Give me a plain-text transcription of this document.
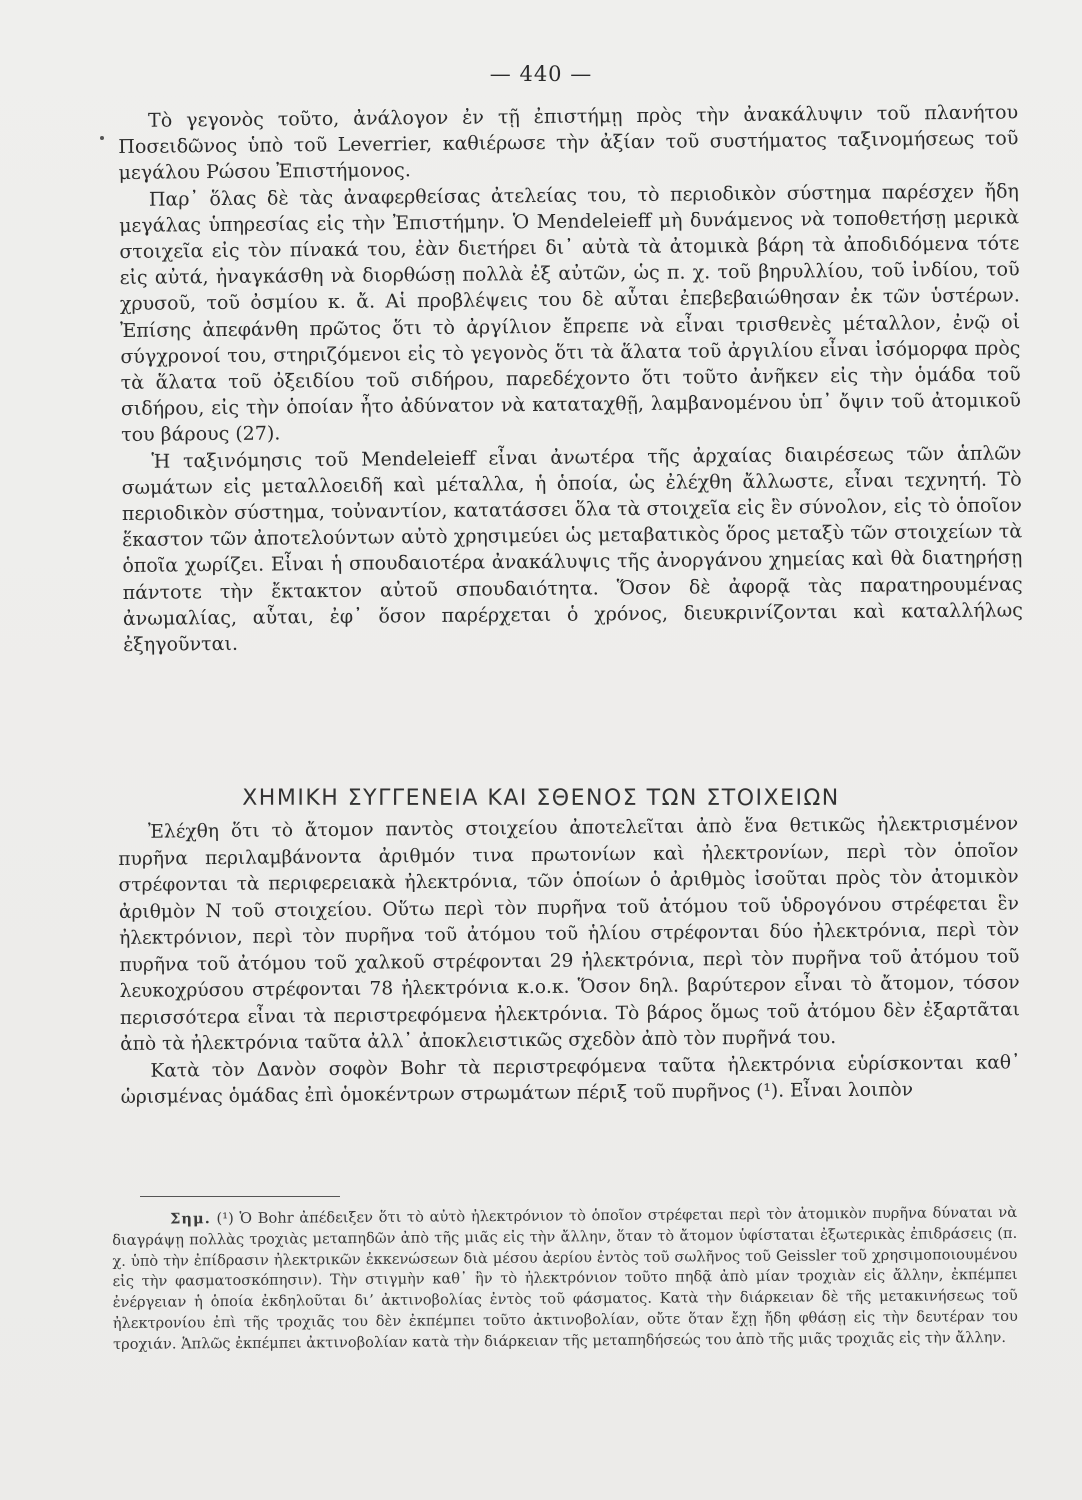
— 440 —

Τὸ γεγονὸς τοῦτο, ἀνάλογον ἐν τῇ ἐπιστήμῃ πρὸς τὴν ἀνακάλυψιν τοῦ πλανήτου Ποσειδῶνος ὑπὸ τοῦ Leverrier, καθιέρωσε τὴν ἀξίαν τοῦ συστήματος ταξινομήσεως τοῦ μεγάλου Ρώσου Ἐπιστήμονος.

Παρ᾽ ὅλας δὲ τὰς ἀναφερθείσας ἀτελείας του, τὸ περιοδικὸν σύστημα παρέσχεν ἤδη μεγάλας ὑπηρεσίας εἰς τὴν Ἐπιστήμην. Ὁ Mendeleieff μὴ δυνάμενος νὰ τοποθετήσῃ μερικὰ στοιχεῖα εἰς τὸν πίνακά του, ἐὰν διετήρει δι᾽ αὐτὰ τὰ ἀτομικὰ βάρη τὰ ἀποδιδόμενα τότε εἰς αὐτά, ἠναγκάσθη νὰ διορθώσῃ πολλὰ ἐξ αὐτῶν, ὡς π. χ. τοῦ βηρυλλίου, τοῦ ἰνδίου, τοῦ χρυσοῦ, τοῦ ὀσμίου κ. ἄ. Αἱ προβλέψεις του δὲ αὗται ἐπεβεβαιώθησαν ἐκ τῶν ὑστέρων. Ἐπίσης ἀπεφάνθη πρῶτος ὅτι τὸ ἀργίλιον ἔπρεπε νὰ εἶναι τρισθενὲς μέταλλον, ἐνῷ οἱ σύγχρονοί του, στηριζόμενοι εἰς τὸ γεγονὸς ὅτι τὰ ἅλατα τοῦ ἀργιλίου εἶναι ἰσόμορφα πρὸς τὰ ἅλατα τοῦ ὀξειδίου τοῦ σιδήρου, παρεδέχοντο ὅτι τοῦτο ἀνῆκεν εἰς τὴν ὁμάδα τοῦ σιδήρου, εἰς τὴν ὁποίαν ἦτο ἀδύνατον νὰ καταταχθῇ, λαμβανομένου ὑπ᾽ ὄψιν τοῦ ἀτομικοῦ του βάρους (27).

Ἡ ταξινόμησις τοῦ Mendeleieff εἶναι ἀνωτέρα τῆς ἀρχαίας διαιρέσεως τῶν ἁπλῶν σωμάτων εἰς μεταλλοειδῆ καὶ μέταλλα, ἡ ὁποία, ὡς ἐλέχθη ἄλλωστε, εἶναι τεχνητή. Τὸ περιοδικὸν σύστημα, τοὐναντίον, κατατάσσει ὅλα τὰ στοιχεῖα εἰς ἓν σύνολον, εἰς τὸ ὁποῖον ἕκαστον τῶν ἀποτελούντων αὐτὸ χρησιμεύει ὡς μεταβατικὸς ὅρος μεταξὺ τῶν στοιχείων τὰ ὁποῖα χωρίζει. Εἶναι ἡ σπουδαιοτέρα ἀνακάλυψις τῆς ἀνοργάνου χημείας καὶ θὰ διατηρήσῃ πάντοτε τὴν ἔκτακτον αὐτοῦ σπουδαιότητα. Ὅσον δὲ ἀφορᾷ τὰς παρατηρουμένας ἀνωμαλίας, αὗται, ἐφ᾽ ὅσον παρέρχεται ὁ χρόνος, διευκρινίζονται καὶ καταλλήλως ἐξηγοῦνται.

ΧΗΜΙΚΗ ΣΥΓΓΕΝΕΙΑ ΚΑΙ ΣΘΕΝΟΣ ΤΩΝ ΣΤΟΙΧΕΙΩΝ

Ἐλέχθη ὅτι τὸ ἄτομον παντὸς στοιχείου ἀποτελεῖται ἀπὸ ἕνα θετικῶς ἠλεκτρισμένον πυρῆνα περιλαμβάνοντα ἀριθμόν τινα πρωτονίων καὶ ἠλεκτρονίων, περὶ τὸν ὁποῖον στρέφονται τὰ περιφερειακὰ ἠλεκτρόνια, τῶν ὁποίων ὁ ἀριθμὸς ἰσοῦται πρὸς τὸν ἀτομικὸν ἀριθμὸν N τοῦ στοιχείου. Οὕτω περὶ τὸν πυρῆνα τοῦ ἀτόμου τοῦ ὑδρογόνου στρέφεται ἓν ἠλεκτρόνιον, περὶ τὸν πυρῆνα τοῦ ἀτόμου τοῦ ἡλίου στρέφονται δύο ἠλεκτρόνια, περὶ τὸν πυρῆνα τοῦ ἀτόμου τοῦ χαλκοῦ στρέφονται 29 ἠλεκτρόνια, περὶ τὸν πυρῆνα τοῦ ἀτόμου τοῦ λευκοχρύσου στρέφονται 78 ἠλεκτρόνια κ.ο.κ. Ὅσον δηλ. βαρύτερον εἶναι τὸ ἄτομον, τόσον περισσότερα εἶναι τὰ περιστρεφόμενα ἠλεκτρόνια. Τὸ βάρος ὅμως τοῦ ἀτόμου δὲν ἐξαρτᾶται ἀπὸ τὰ ἠλεκτρόνια ταῦτα ἀλλ᾽ ἀποκλειστικῶς σχεδὸν ἀπὸ τὸν πυρῆνά του.

Κατὰ τὸν Δανὸν σοφὸν Bohr τὰ περιστρεφόμενα ταῦτα ἠλεκτρόνια εὑρίσκονται καθ᾽ ὡρισμένας ὁμάδας ἐπὶ ὁμοκέντρων στρωμάτων πέριξ τοῦ πυρῆνος (¹). Εἶναι λοιπὸν

Σημ. (¹) Ὁ Bohr ἀπέδειξεν ὅτι τὸ αὐτὸ ἠλεκτρόνιον τὸ ὁποῖον στρέφεται περὶ τὸν ἀτομικὸν πυρῆνα δύναται νὰ διαγράψῃ πολλὰς τροχιὰς μεταπηδῶν ἀπὸ τῆς μιᾶς εἰς τὴν ἄλλην, ὅταν τὸ ἄτομον ὑφίσταται ἐξωτερικὰς ἐπιδράσεις (π. χ. ὑπὸ τὴν ἐπίδρασιν ἠλεκτρικῶν ἐκκενώσεων διὰ μέσου ἀερίου ἐντὸς τοῦ σωλῆνος τοῦ Geissler τοῦ χρησιμοποιουμένου εἰς τὴν φασματοσκόπησιν). Τὴν στιγμὴν καθ᾽ ἣν τὸ ἠλεκτρόνιον τοῦτο πηδᾷ ἀπὸ μίαν τροχιὰν εἰς ἄλλην, ἐκπέμπει ἐνέργειαν ἡ ὁποία ἐκδηλοῦται διʼ ἀκτινοβολίας ἐντὸς τοῦ φάσματος. Κατὰ τὴν διάρκειαν δὲ τῆς μετακινήσεως τοῦ ἠλεκτρονίου ἐπὶ τῆς τροχιᾶς του δὲν ἐκπέμπει τοῦτο ἀκτινοβολίαν, οὔτε ὅταν ἔχῃ ἤδη φθάσῃ εἰς τὴν δευτέραν του τροχιάν. Ἁπλῶς ἐκπέμπει ἀκτινοβολίαν κατὰ τὴν διάρκειαν τῆς μεταπηδήσεώς του ἀπὸ τῆς μιᾶς τροχιᾶς εἰς τὴν ἄλλην.
